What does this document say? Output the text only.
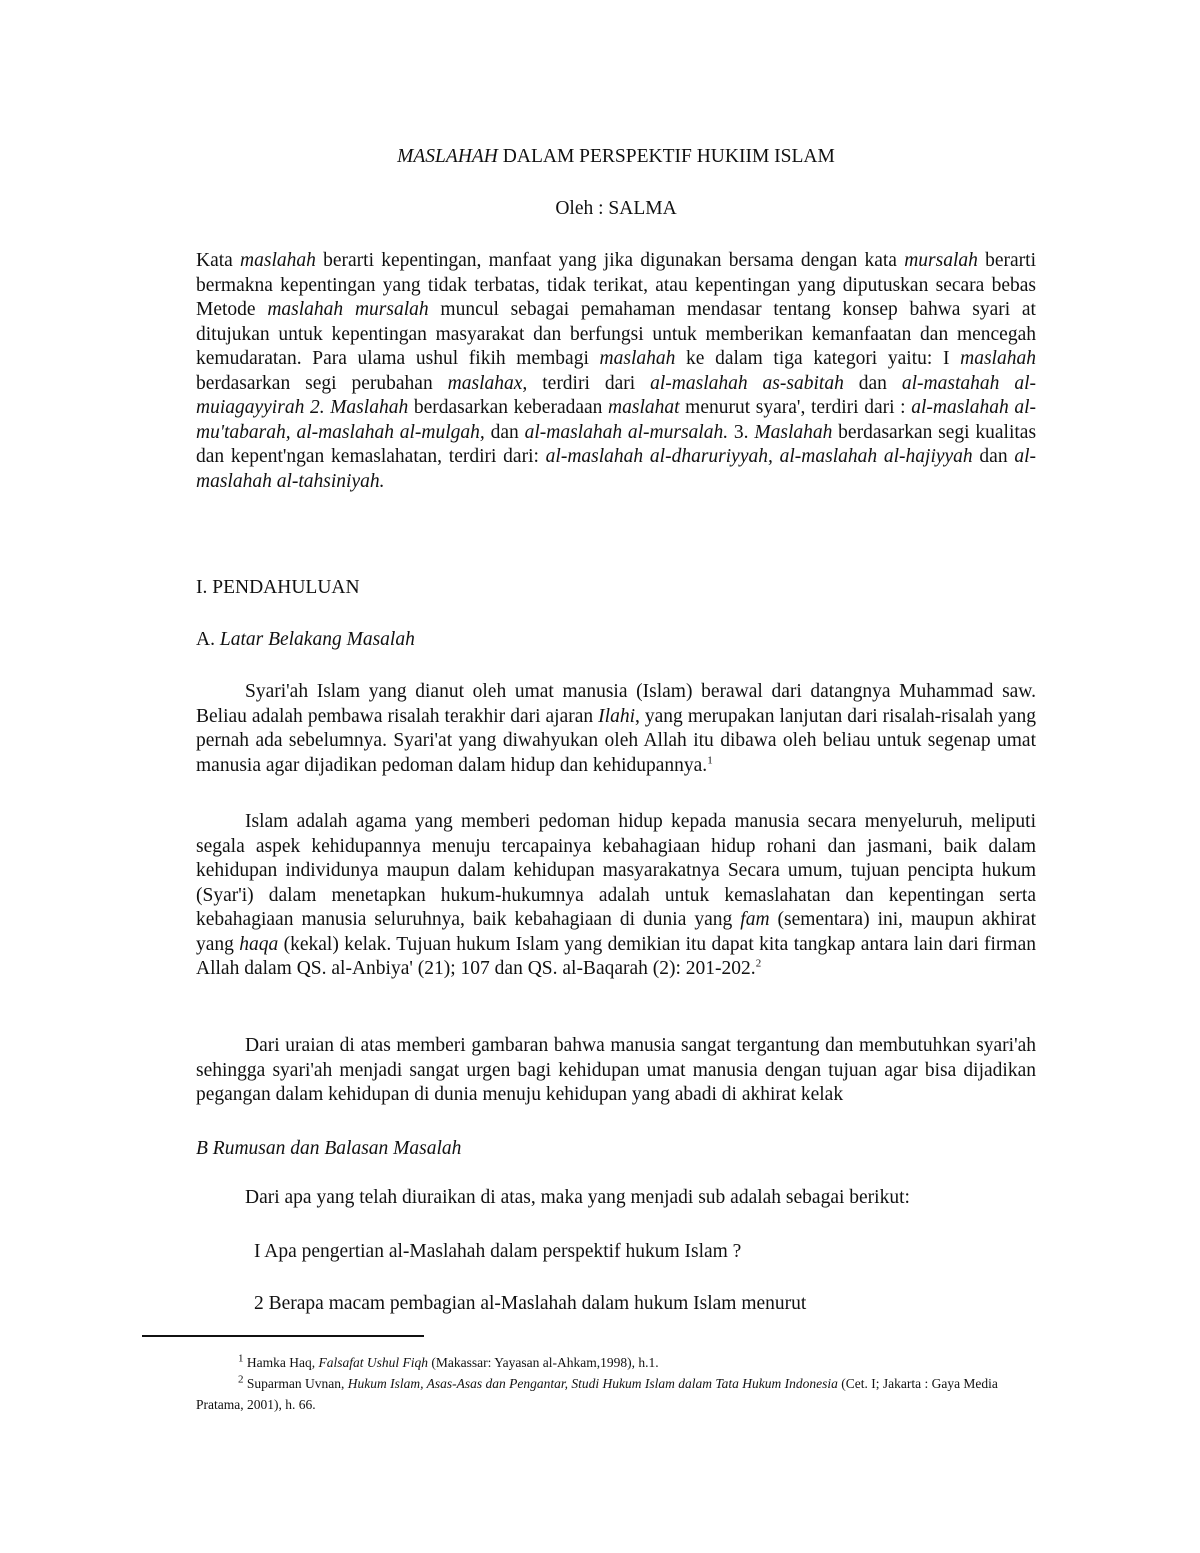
MASLAHAH DALAM PERSPEKTIF HUKIIM ISLAM
Oleh : SALMA

Kata maslahah berarti kepentingan, manfaat yang jika digunakan bersama dengan kata mursalah berarti bermakna kepentingan yang tidak terbatas, tidak terikat, atau kepentingan yang diputuskan secara bebas Metode maslahah mursalah muncul sebagai pemahaman mendasar tentang konsep bahwa syari at ditujukan untuk kepentingan masyarakat dan berfungsi untuk memberikan kemanfaatan dan mencegah kemudaratan. Para ulama ushul fikih membagi maslahah ke dalam tiga kategori yaitu: I maslahah berdasarkan segi perubahan maslahax, terdiri dari al-maslahah as-sabitah dan al-mastahah al-muiagayyirah 2. Maslahah berdasarkan keberadaan maslahat menurut syara', terdiri dari : al-maslahah al-mu'tabarah, al-maslahah al-mulgah, dan al-maslahah al-mursalah. 3. Maslahah berdasarkan segi kualitas dan kepent'ngan kemaslahatan, terdiri dari: al-maslahah al-dharuriyyah, al-maslahah al-hajiyyah dan al-maslahah al-tahsiniyah.

I. PENDAHULUAN
A. Latar Belakang Masalah

Syari'ah Islam yang dianut oleh umat manusia (Islam) berawal dari datangnya Muhammad saw. Beliau adalah pembawa risalah terakhir dari ajaran Ilahi, yang merupakan lanjutan dari risalah-risalah yang pernah ada sebelumnya. Syari'at yang diwahyukan oleh Allah itu dibawa oleh beliau untuk segenap umat manusia agar dijadikan pedoman dalam hidup dan kehidupannya.$^1$

Islam adalah agama yang memberi pedoman hidup kepada manusia secara menyeluruh, meliputi segala aspek kehidupannya menuju tercapainya kebahagiaan hidup rohani dan jasmani, baik dalam kehidupan individunya maupun dalam kehidupan masyarakatnya Secara umum, tujuan pencipta hukum (Syar'i) dalam menetapkan hukum-hukumnya adalah untuk kemaslahatan dan kepentingan serta kebahagiaan manusia seluruhnya, baik kebahagiaan di dunia yang fam (sementara) ini, maupun akhirat yang haqa (kekal) kelak. Tujuan hukum Islam yang demikian itu dapat kita tangkap antara lain dari firman Allah dalam QS. al-Anbiya' (21); 107 dan QS. al-Baqarah (2): 201-202.$^2$

Dari uraian di atas memberi gambaran bahwa manusia sangat tergantung dan membutuhkan syari'ah sehingga syari'ah menjadi sangat urgen bagi kehidupan umat manusia dengan tujuan agar bisa dijadikan pegangan dalam kehidupan di dunia menuju kehidupan yang abadi di akhirat kelak

B Rumusan dan Balasan Masalah

Dari apa yang telah diuraikan di atas, maka yang menjadi sub adalah sebagai berikut:

I Apa pengertian al-Maslahah dalam perspektif hukum Islam ?

2 Berapa macam pembagian al-Maslahah dalam hukum Islam menurut

$^1$ Hamka Haq, Falsafat Ushul Fiqh (Makassar: Yayasan al-Ahkam,1998), h.1.

$^2$ Suparman Uvnan, Hukum Islam, Asas-Asas dan Pengantar, Studi Hukum Islam dalam Tata Hukum Indonesia (Cet. I; Jakarta : Gaya Media Pratama, 2001), h. 66.
